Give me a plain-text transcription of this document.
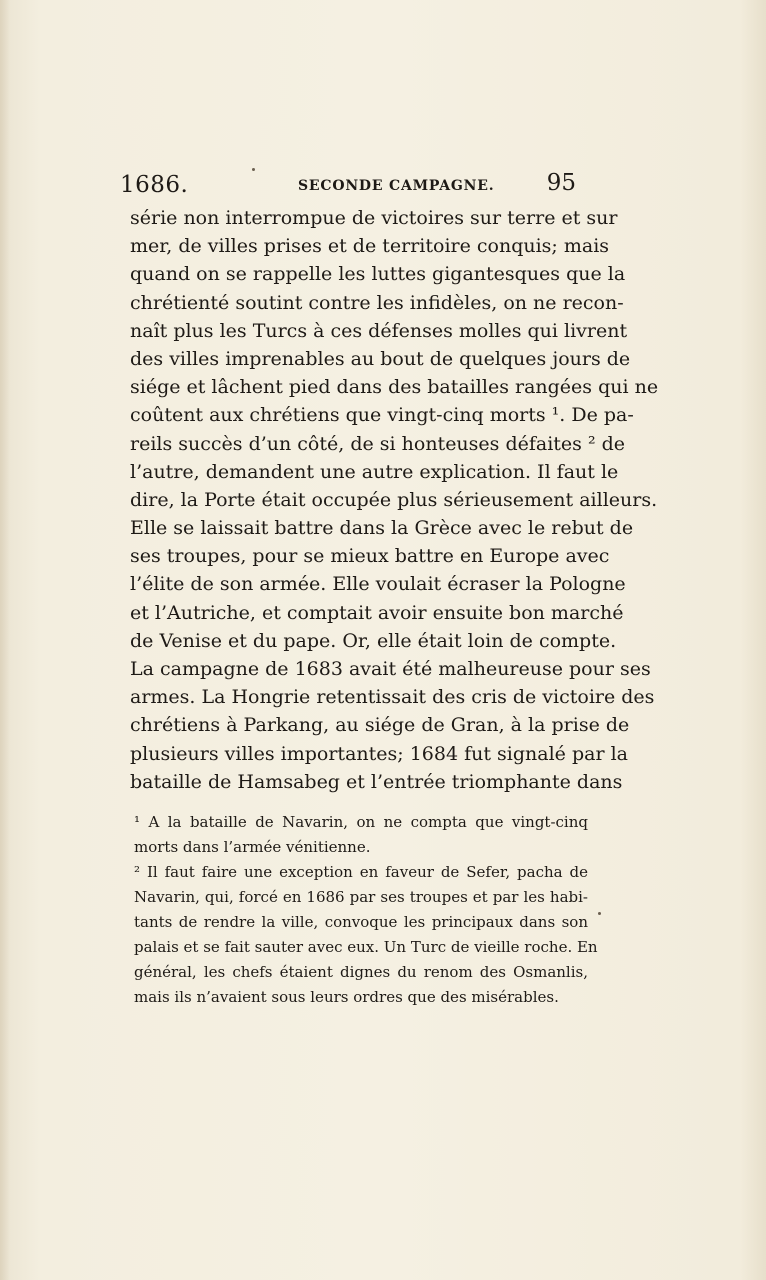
1686.	SECONDE CAMPAGNE. 95
série non interrompue de victoires sur terre et sur
mer, de villes prises et de territoire conquis; mais
quand on se rappelle les luttes gigantesques que la
chrétienté soutint contre les infidèles, on ne recon-
naît plus les Turcs à ces défenses molles qui livrent
des villes imprenables au bout de quelques jours de
siége et lâchent pied dans des batailles rangées qui ne
coûtent aux chrétiens que vingt-cinq morts ¹. De pa-
reils succès d’un côté, de si honteuses défaites ² de
l’autre, demandent une autre explication. Il faut le
dire, la Porte était occupée plus sérieusement ailleurs.
Elle se laissait battre dans la Grèce avec le rebut de
ses troupes, pour se mieux battre en Europe avec
l’élite de son armée. Elle voulait écraser la Pologne
et l’Autriche, et comptait avoir ensuite bon marché
de Venise et du pape. Or, elle était loin de compte.
La campagne de 1683 avait été malheureuse pour ses
armes. La Hongrie retentissait des cris de victoire des
chrétiens à Parkang, au siége de Gran, à la prise de
plusieurs villes importantes; 1684 fut signalé par la
bataille de Hamsabeg et l’entrée triomphante dans
¹ A la bataille de Navarin, on ne compta que vingt-cinq
morts dans l’armée vénitienne.
² Il faut faire une exception en faveur de Sefer, pacha de
Navarin, qui, forcé en 1686 par ses troupes et par les habi-
tants de rendre la ville, convoque les principaux dans son
palais et se fait sauter avec eux. Un Turc de vieille roche. En
général, les chefs étaient dignes du renom des Osmanlis,
mais ils n’avaient sous leurs ordres que des misérables.
